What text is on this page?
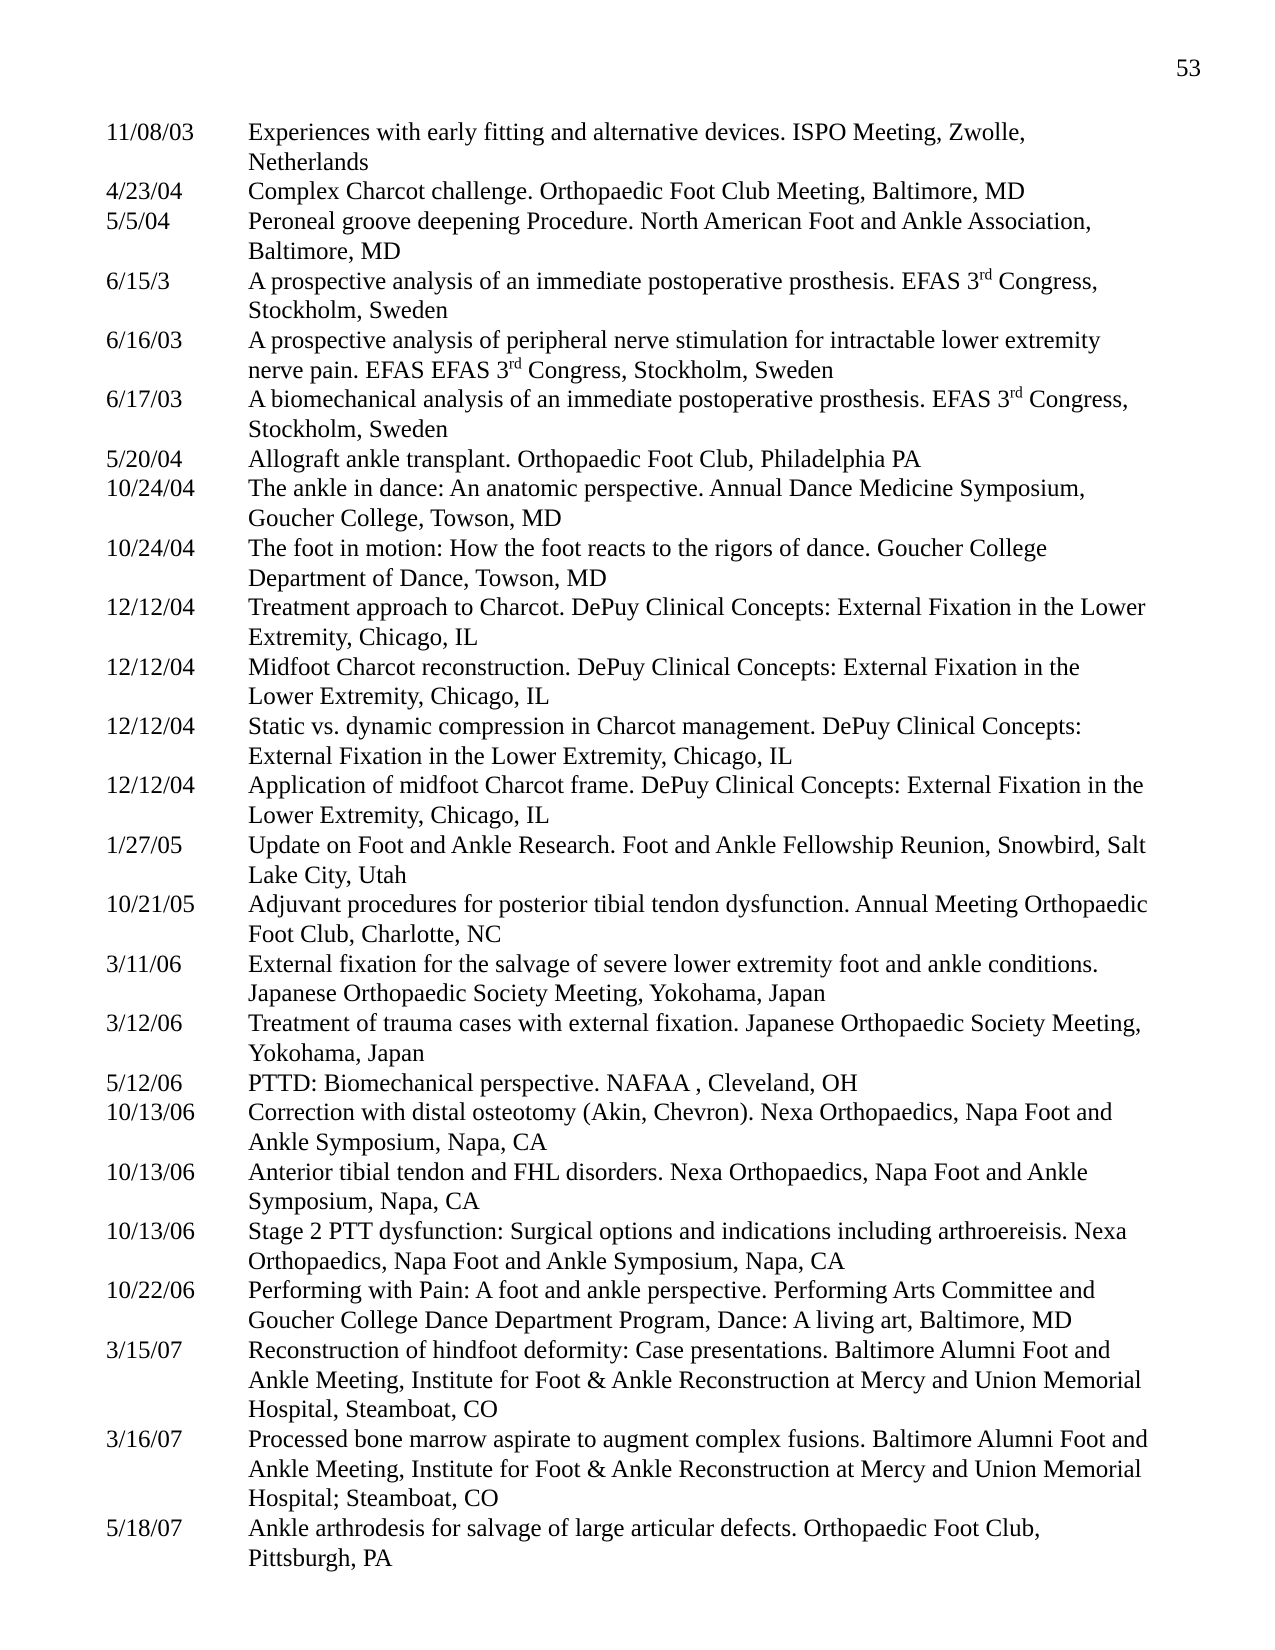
53
11/08/03	Experiences with early fitting and alternative devices. ISPO Meeting, Zwolle, Netherlands
4/23/04	Complex Charcot challenge. Orthopaedic Foot Club Meeting, Baltimore, MD
5/5/04	Peroneal groove deepening Procedure. North American Foot and Ankle Association, Baltimore, MD
6/15/3	A prospective analysis of an immediate postoperative prosthesis. EFAS 3rd Congress, Stockholm, Sweden
6/16/03	A prospective analysis of peripheral nerve stimulation for intractable lower extremity nerve pain. EFAS EFAS 3rd Congress, Stockholm, Sweden
6/17/03	A biomechanical analysis of an immediate postoperative prosthesis. EFAS 3rd Congress, Stockholm, Sweden
5/20/04	Allograft ankle transplant. Orthopaedic Foot Club, Philadelphia PA
10/24/04	The ankle in dance: An anatomic perspective. Annual Dance Medicine Symposium, Goucher College, Towson, MD
10/24/04	The foot in motion: How the foot reacts to the rigors of dance. Goucher College Department of Dance, Towson, MD
12/12/04	Treatment approach to Charcot. DePuy Clinical Concepts: External Fixation in the Lower Extremity, Chicago, IL
12/12/04	Midfoot Charcot reconstruction. DePuy Clinical Concepts: External Fixation in the Lower Extremity, Chicago, IL
12/12/04	Static vs. dynamic compression in Charcot management. DePuy Clinical Concepts: External Fixation in the Lower Extremity, Chicago, IL
12/12/04	Application of midfoot Charcot frame. DePuy Clinical Concepts: External Fixation in the Lower Extremity, Chicago, IL
1/27/05	Update on Foot and Ankle Research. Foot and Ankle Fellowship Reunion, Snowbird, Salt Lake City, Utah
10/21/05	Adjuvant procedures for posterior tibial tendon dysfunction. Annual Meeting Orthopaedic Foot Club, Charlotte, NC
3/11/06	External fixation for the salvage of severe lower extremity foot and ankle conditions. Japanese Orthopaedic Society Meeting, Yokohama, Japan
3/12/06	Treatment of trauma cases with external fixation. Japanese Orthopaedic Society Meeting, Yokohama, Japan
5/12/06	PTTD: Biomechanical perspective. NAFAA , Cleveland, OH
10/13/06	Correction with distal osteotomy (Akin, Chevron). Nexa Orthopaedics, Napa Foot and Ankle Symposium, Napa, CA
10/13/06	Anterior tibial tendon and FHL disorders. Nexa Orthopaedics, Napa Foot and Ankle Symposium, Napa, CA
10/13/06	Stage 2 PTT dysfunction: Surgical options and indications including arthroereisis. Nexa Orthopaedics, Napa Foot and Ankle Symposium, Napa, CA
10/22/06	Performing with Pain: A foot and ankle perspective. Performing Arts Committee and Goucher College Dance Department Program, Dance: A living art, Baltimore, MD
3/15/07	Reconstruction of hindfoot deformity: Case presentations. Baltimore Alumni Foot and Ankle Meeting, Institute for Foot & Ankle Reconstruction at Mercy and Union Memorial Hospital, Steamboat, CO
3/16/07	Processed bone marrow aspirate to augment complex fusions. Baltimore Alumni Foot and Ankle Meeting, Institute for Foot & Ankle Reconstruction at Mercy and Union Memorial Hospital; Steamboat, CO
5/18/07	Ankle arthrodesis for salvage of large articular defects. Orthopaedic Foot Club, Pittsburgh, PA
